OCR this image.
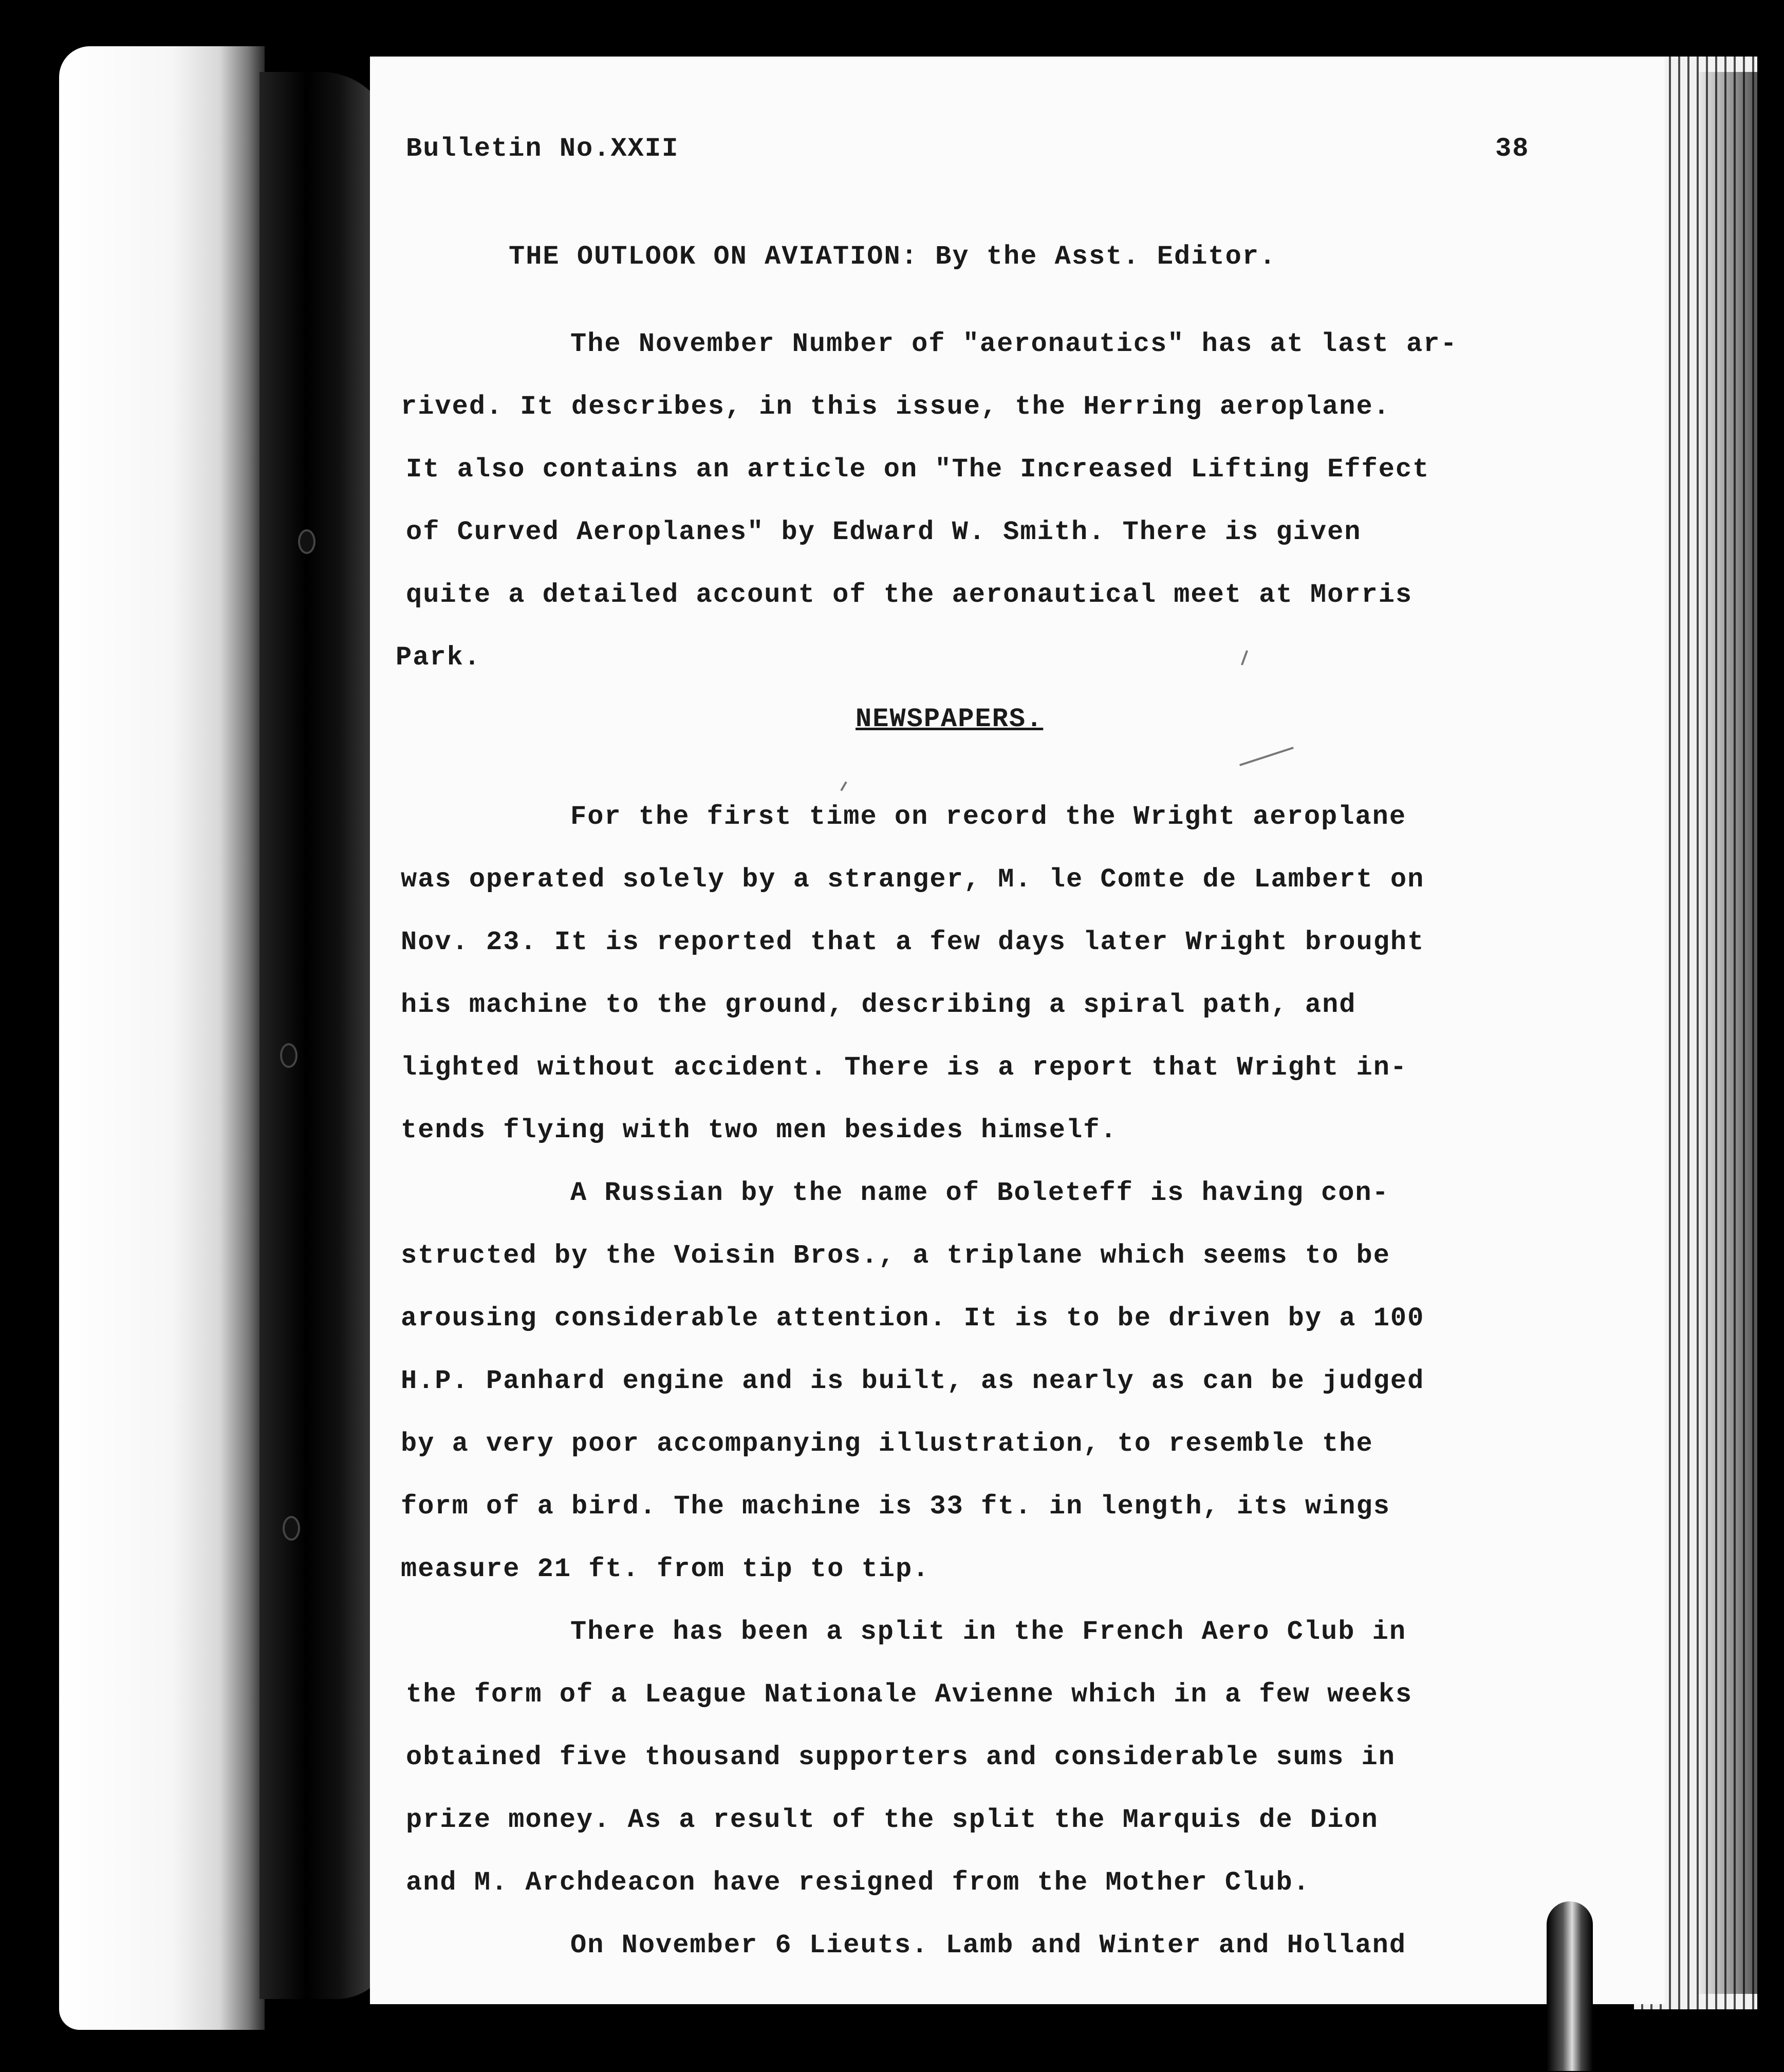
Bulletin No.XXII	38
THE OUTLOOK ON AVIATION: By the Asst. Editor.
The November Number of "aeronautics" has at last ar-
rived. It describes, in this issue, the Herring aeroplane.
It also contains an article on "The Increased Lifting Effect
of Curved Aeroplanes" by Edward W. Smith. There is given
quite a detailed account of the aeronautical meet at Morris
Park.
NEWSPAPERS.
For the first time on record the Wright aeroplane
was operated solely by a stranger, M. le Comte de Lambert on
Nov. 23. It is reported that a few days later Wright brought
his machine to the ground, describing a spiral path, and
lighted without accident. There is a report that Wright in-
tends flying with two men besides himself.
A Russian by the name of Boleteff is having con-
structed by the Voisin Bros., a triplane which seems to be
arousing considerable attention. It is to be driven by a 100
H.P. Panhard engine and is built, as nearly as can be judged
by a very poor accompanying illustration, to resemble the
form of a bird. The machine is 33 ft. in length, its wings
measure 21 ft. from tip to tip.
There has been a split in the French Aero Club in
the form of a League Nationale Avienne which in a few weeks
obtained five thousand supporters and considerable sums in
prize money. As a result of the split the Marquis de Dion
and M. Archdeacon have resigned from the Mother Club.
On November 6 Lieuts. Lamb and Winter and Holland
